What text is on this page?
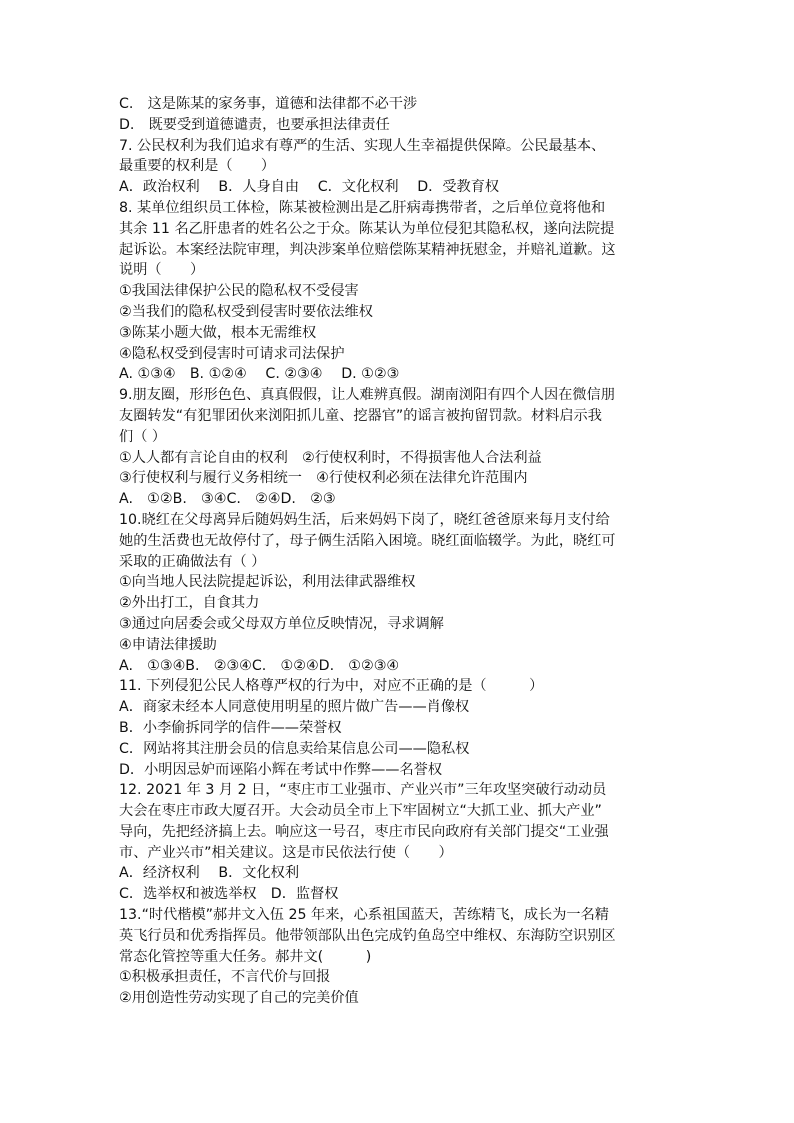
C.　这是陈某的家务事，道德和法律都不必干涉
D.　既要受到道德谴责，也要承担法律责任
7. 公民权利为我们追求有尊严的生活、实现人生幸福提供保障。公民最基本、
最重要的权利是（　　）
A．政治权利　 B．人身自由　 C．文化权利　 D．受教育权
8. 某单位组织员工体检，陈某被检测出是乙肝病毒携带者，之后单位竟将他和
其余 11 名乙肝患者的姓名公之于众。陈某认为单位侵犯其隐私权，遂向法院提
起诉讼。本案经法院审理，判决涉案单位赔偿陈某精神抚慰金，并赔礼道歉。这
说明（　　）
①我国法律保护公民的隐私权不受侵害
②当我们的隐私权受到侵害时要依法维权
③陈某小题大做，根本无需维权
④隐私权受到侵害时可请求司法保护
A. ①③④　B. ①②④　 C. ②③④　 D. ①②③
9.朋友圈，形形色色、真真假假，让人难辨真假。湖南浏阳有四个人因在微信朋
友圈转发“有犯罪团伙来浏阳抓儿童、挖器官”的谣言被拘留罚款。材料启示我
们（ ）
①人人都有言论自由的权利　②行使权利时，不得损害他人合法利益
③行使权利与履行义务相统一　④行使权利必须在法律允许范围内
A.　①②B.　③④C.　②④D.　②③
10.晓红在父母离异后随妈妈生活，后来妈妈下岗了，晓红爸爸原来每月支付给
她的生活费也无故停付了，母子俩生活陷入困境。晓红面临辍学。为此，晓红可
采取的正确做法有（ ）
①向当地人民法院提起诉讼，利用法律武器维权
②外出打工，自食其力
③通过向居委会或父母双方单位反映情况，寻求调解
④申请法律援助
A.　①③④B.　②③④C.　①②④D.　①②③④
11. 下列侵犯公民人格尊严权的行为中，对应不正确的是（　　　）
A．商家未经本人同意使用明星的照片做广告——肖像权
B．小李偷拆同学的信件——荣誉权
C．网站将其注册会员的信息卖给某信息公司——隐私权
D．小明因忌妒而诬陷小辉在考试中作弊——名誉权
12. 2021 年 3 月 2 日，“枣庄市工业强市、产业兴市”三年攻坚突破行动动员
大会在枣庄市政大厦召开。大会动员全市上下牢固树立“大抓工业、抓大产业”
导向，先把经济搞上去。响应这一号召，枣庄市民向政府有关部门提交“工业强
市、产业兴市”相关建议。这是市民依法行使（　　）
A．经济权利　 B．文化权利
C．选举权和被选举权　D．监督权
13.“时代楷模”郝井文入伍 25 年来，心系祖国蓝天，苦练精飞，成长为一名精
英飞行员和优秀指挥员。他带领部队出色完成钓鱼岛空中维权、东海防空识别区
常态化管控等重大任务。郝井文(　　　)
①积极承担责任，不言代价与回报
②用创造性劳动实现了自己的完美价值
